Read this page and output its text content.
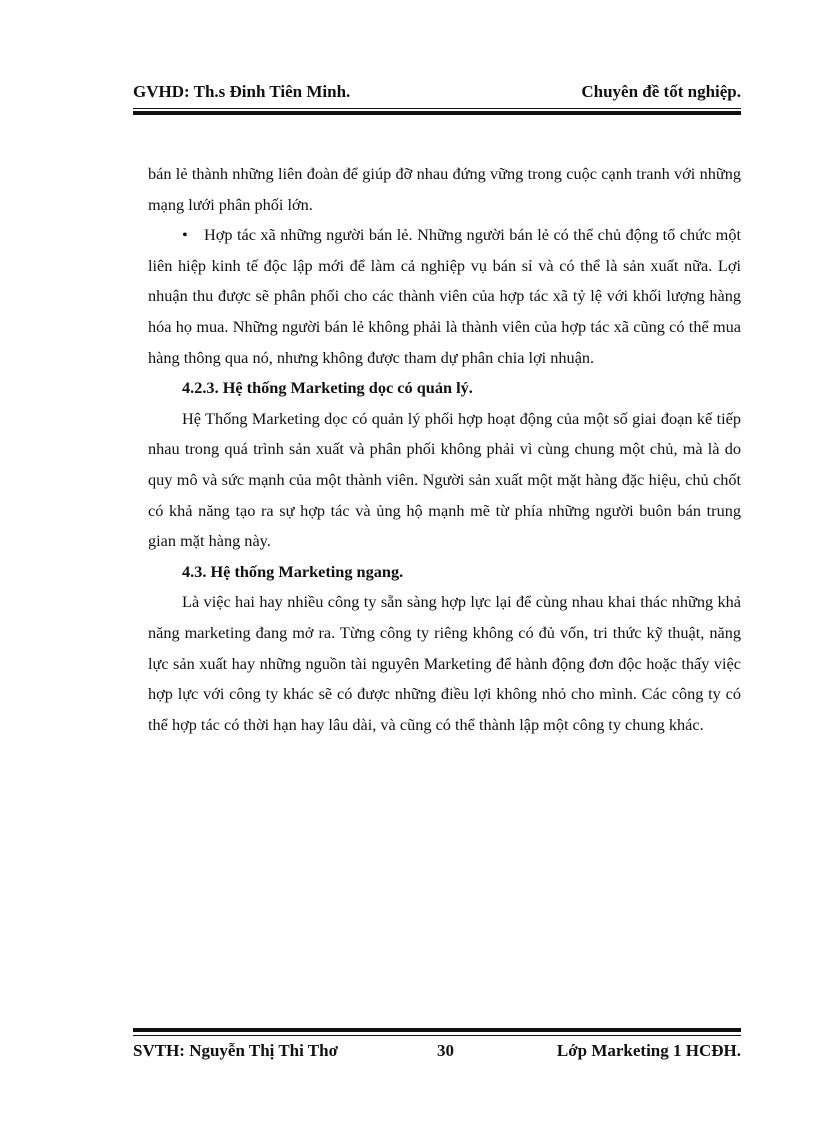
GVHD: Th.s Đinh Tiên Minh.	Chuyên đề tốt nghiệp.

bán lẻ thành những liên đoàn để giúp đỡ nhau đứng vững trong cuộc cạnh tranh với những mạng lưới phân phối lớn.

• Hợp tác xã những người bán lẻ. Những người bán lẻ có thể chủ động tổ chức một liên hiệp kinh tế độc lập mới để làm cả nghiệp vụ bán sỉ và có thể là sản xuất nữa. Lợi nhuận thu được sẽ phân phối cho các thành viên của hợp tác xã tỷ lệ với khối lượng hàng hóa họ mua. Những người bán lẻ không phải là thành viên của hợp tác xã cũng có thể mua hàng thông qua nó, nhưng không được tham dự phân chia lợi nhuận.

4.2.3. Hệ thống Marketing dọc có quản lý.

Hệ Thống Marketing dọc có quản lý phối hợp hoạt động của một số giai đoạn kế tiếp nhau trong quá trình sản xuất và phân phối không phải vì cùng chung một chủ, mà là do quy mô và sức mạnh của một thành viên. Người sản xuất một mặt hàng đặc hiệu, chủ chốt có khả năng tạo ra sự hợp tác và ủng hộ mạnh mẽ từ phía những người buôn bán trung gian mặt hàng này.

4.3. Hệ thống Marketing ngang.

Là việc hai hay nhiều công ty sẵn sàng hợp lực lại để cùng nhau khai thác những khả năng marketing đang mở ra. Từng công ty riêng không có đủ vốn, tri thức kỹ thuật, năng lực sản xuất hay những nguồn tài nguyên Marketing để hành động đơn độc hoặc thấy việc hợp lực với công ty khác sẽ có được những điều lợi không nhỏ cho mình. Các công ty có thể hợp tác có thời hạn hay lâu dài, và cũng có thể thành lập một công ty chung khác.

SVTH: Nguyễn Thị Thi Thơ	30	Lớp Marketing 1 HCĐH.
